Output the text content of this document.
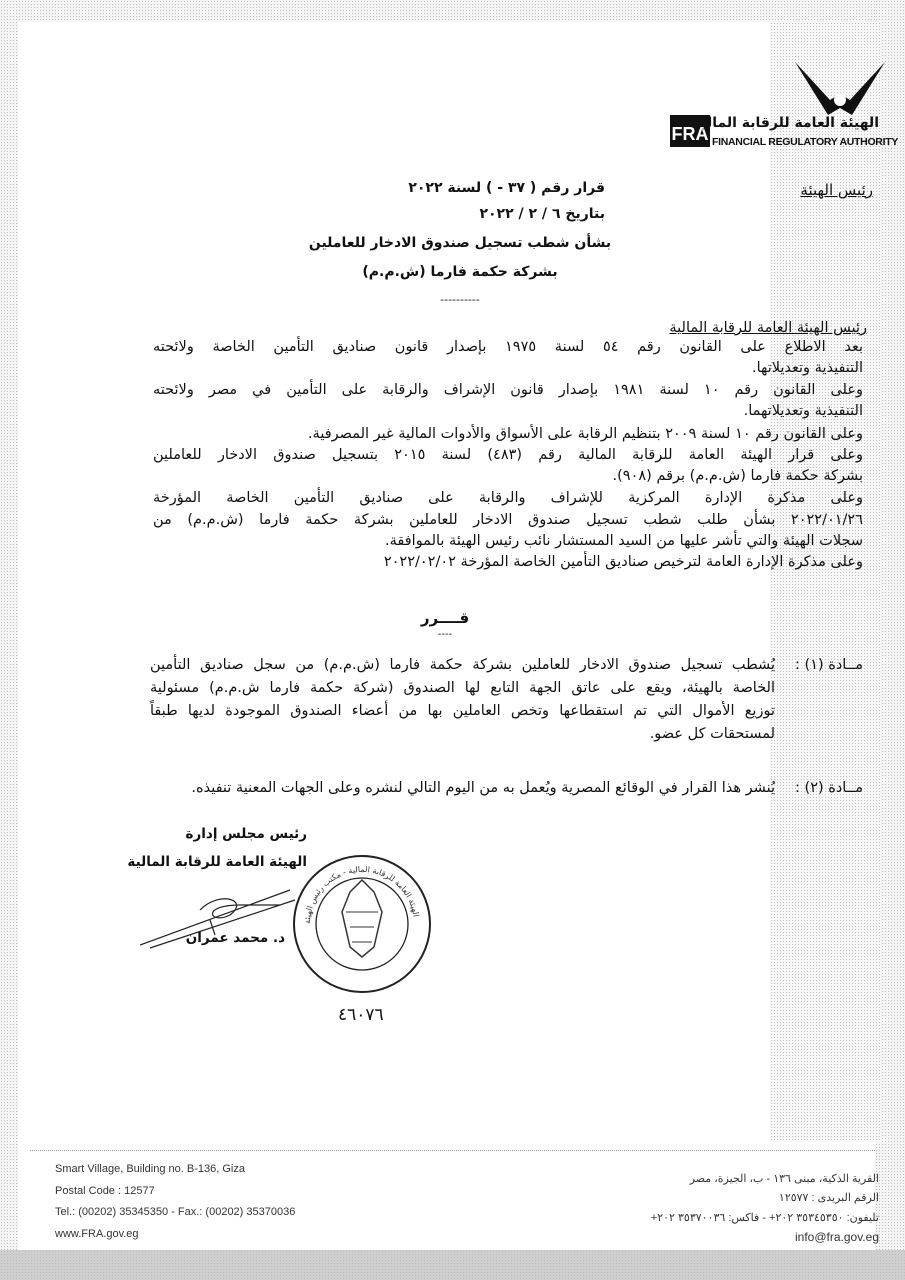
FRA
الهيئة العامة للرقابة المالية
FINANCIAL REGULATORY AUTHORITY
رئيس الهيئة
قرار رقم ( ٣٧ - ) لسنة ٢٠٢٢
بتاريخ ٦ / ٢ / ٢٠٢٢
بشأن شطب تسجيل صندوق الادخار للعاملين
بشركة حكمة فارما (ش.م.م)
----------
رئيس الهيئة العامة للرقابة المالية
بعد الاطلاع على القانون رقم ٥٤ لسنة ١٩٧٥ بإصدار قانون صناديق التأمين الخاصة ولائحته
التنفيذية وتعديلاتها.
وعلى القانون رقم ١٠ لسنة ١٩٨١ بإصدار قانون الإشراف والرقابة على التأمين في مصر ولائحته
التنفيذية وتعديلاتهما.
وعلى القانون رقم ١٠ لسنة ٢٠٠٩ بتنظيم الرقابة على الأسواق والأدوات المالية غير المصرفية.
وعلى قرار الهيئة العامة للرقابة المالية رقم (٤٨٣) لسنة ٢٠١٥ بتسجيل صندوق الادخار للعاملين
بشركة حكمة فارما (ش.م.م) برقم (٩٠٨).
وعلى مذكرة الإدارة المركزية للإشراف والرقابة على صناديق التأمين الخاصة المؤرخة
٢٠٢٢/٠١/٢٦ بشأن طلب شطب تسجيل صندوق الادخار للعاملين بشركة حكمة فارما (ش.م.م) من
سجلات الهيئة والتي تأشر عليها من السيد المستشار نائب رئيس الهيئة بالموافقة.
وعلى مذكرة الإدارة العامة لترخيص صناديق التأمين الخاصة المؤرخة ٢٠٢٢/٠٢/٠٢
قــــرر
----
مــادة (١) :
يُشطب تسجيل صندوق الادخار للعاملين بشركة حكمة فارما (ش.م.م) من سجل صناديق التأمين
الخاصة بالهيئة، ويقع على عاتق الجهة التابع لها الصندوق (شركة حكمة فارما ش.م.م) مسئولية
توزيع الأموال التي تم استقطاعها وتخص العاملين بها من أعضاء الصندوق الموجودة لديها طبقاً
لمستحقات كل عضو.
مــادة (٢) :
يُنشر هذا القرار في الوقائع المصرية ويُعمل به من اليوم التالي لنشره وعلى الجهات المعنية تنفيذه.
رئيس مجلس إدارة
الهيئة العامة للرقابة المالية
د. محمد عمران
الهيئة العامة للرقابة المالية - مكتب رئيس الهيئة
٤٦٠٧٦
Smart Village, Building no. B-136, Giza
Postal Code : 12577
Tel.: (00202) 35345350 - Fax.: (00202) 35370036
www.FRA.gov.eg
القرية الذكية، مبنى ١٣٦ - ب، الجيزة، مصر
الرقم البريدى : ١٢٥٧٧
تليفون: ٣٥٣٤٥٣٥٠ ٢٠٢+ - فاكس: ٣٥٣٧٠٠٣٦ ٢٠٢+
info@fra.gov.eg
